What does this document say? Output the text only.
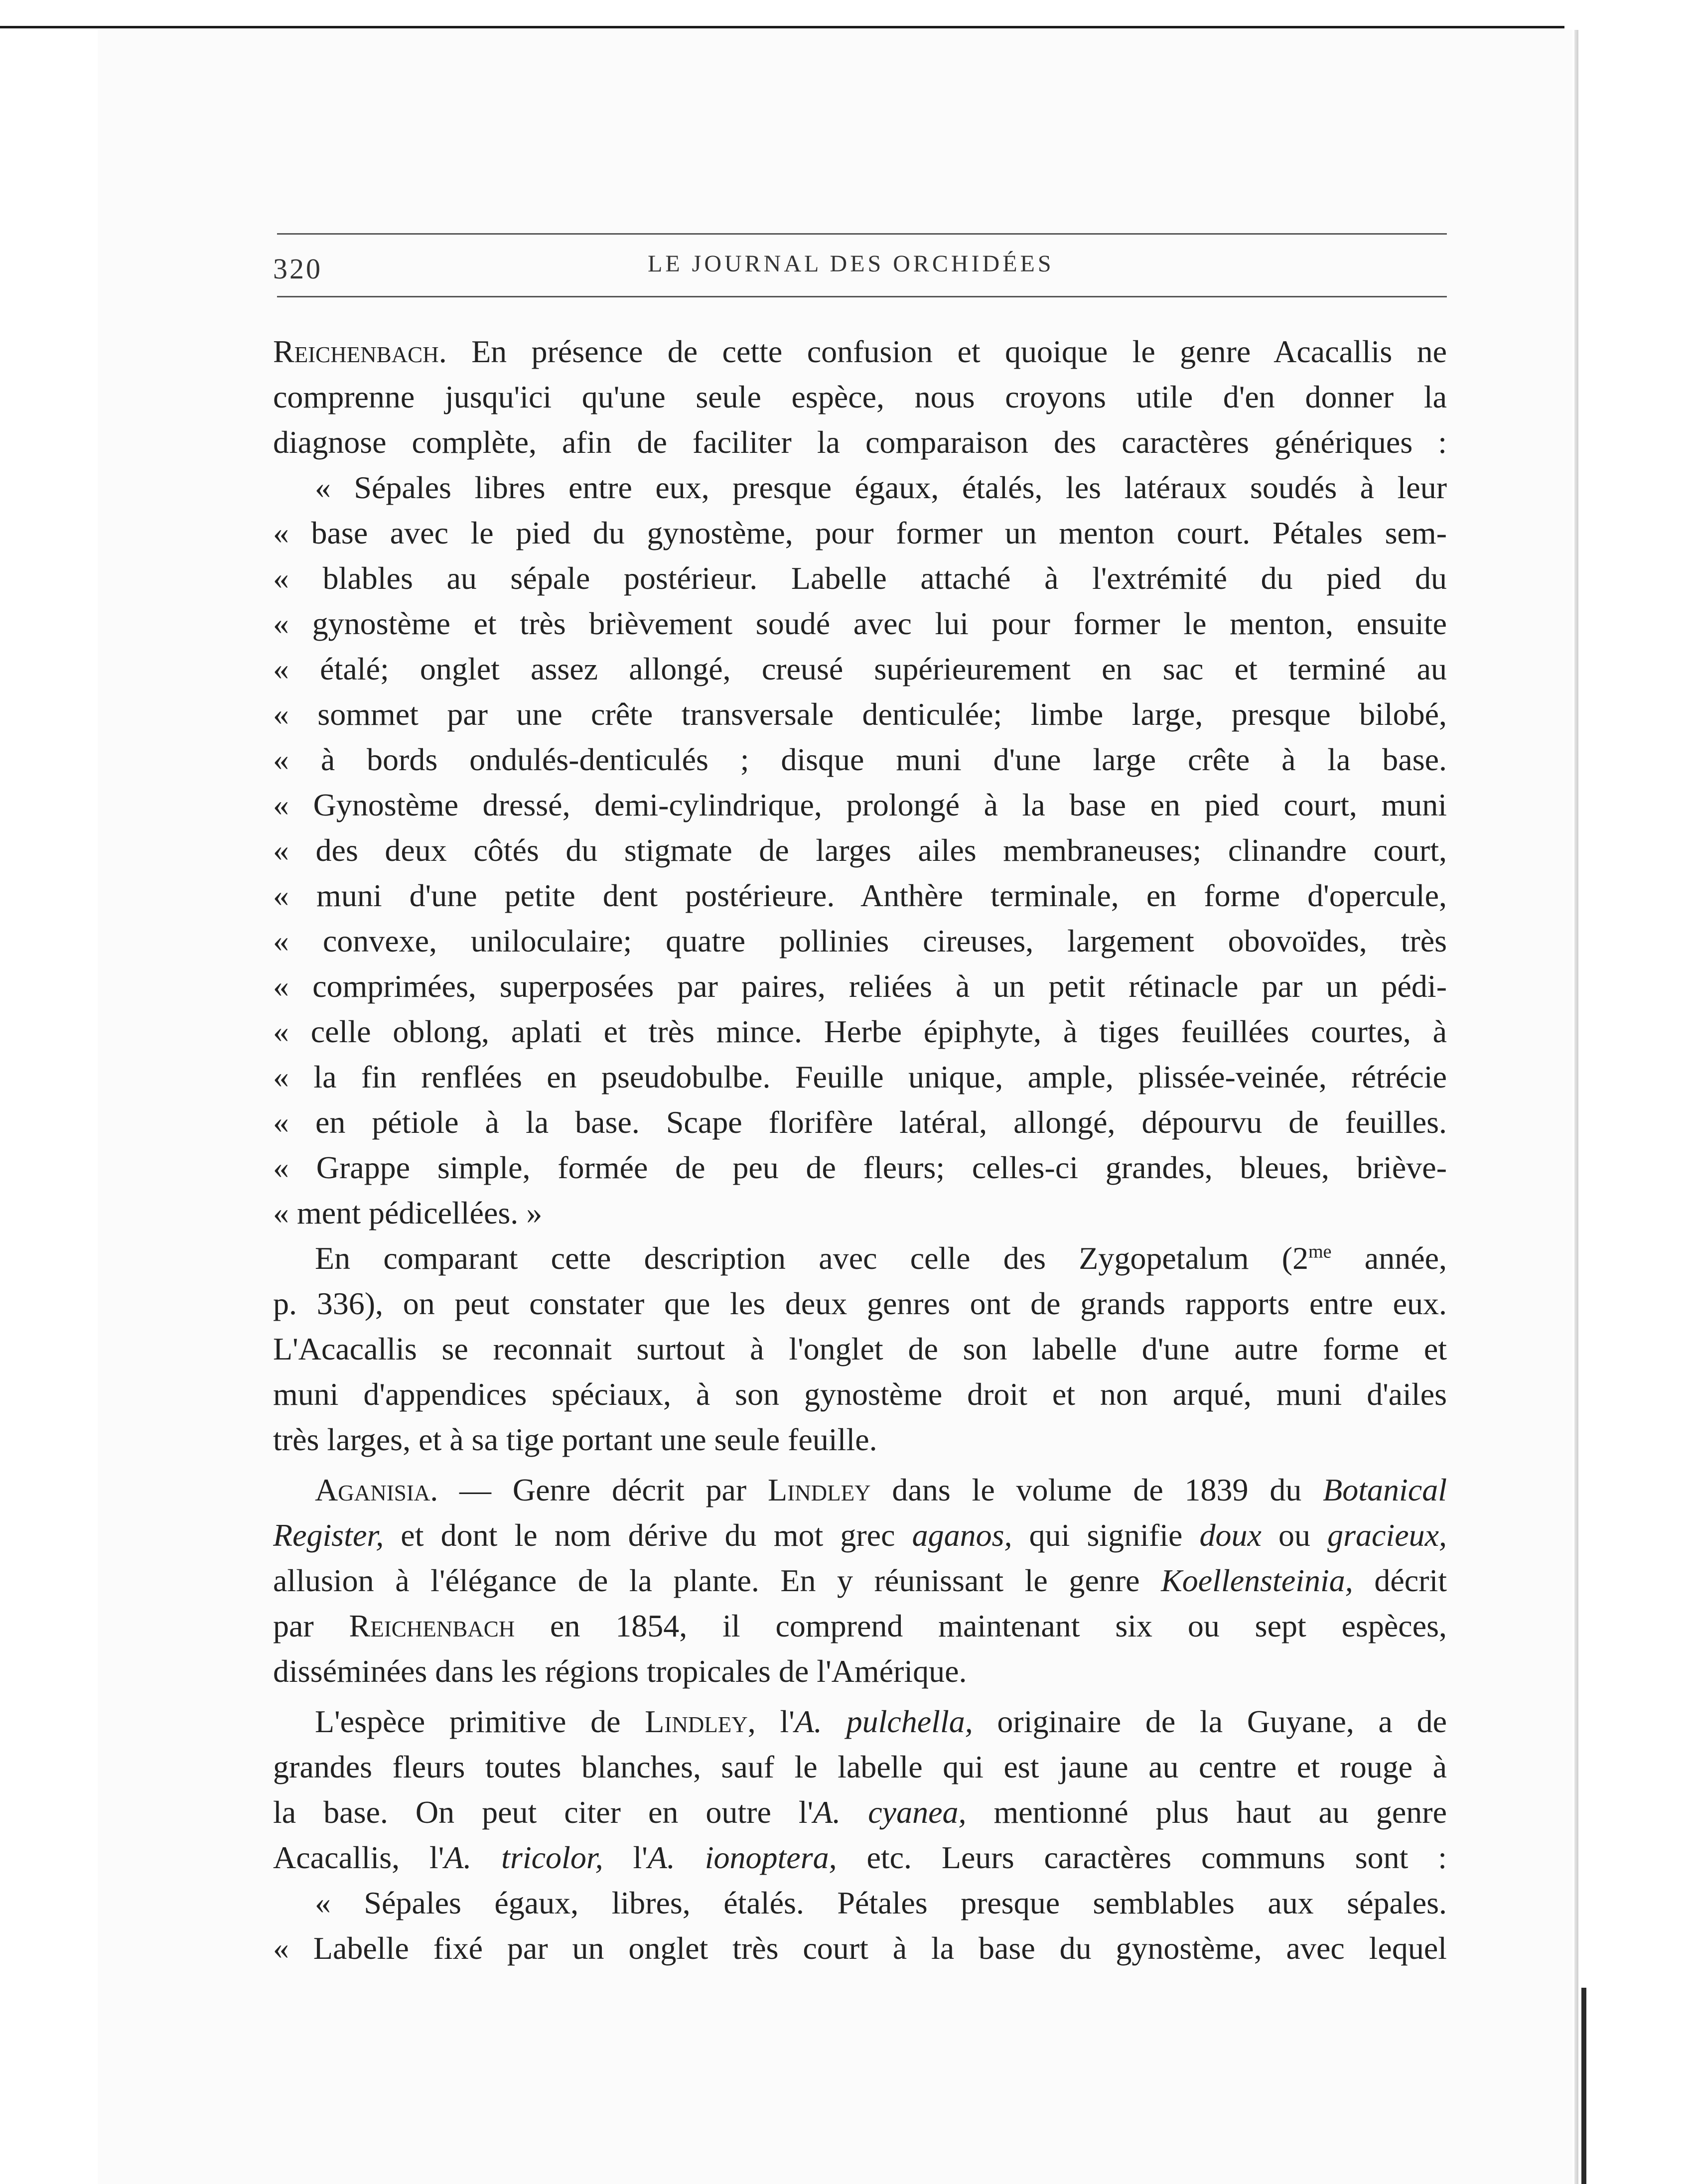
320	LE JOURNAL DES ORCHIDÉES
Reichenbach. En présence de cette confusion et quoique le genre Acacallis ne
comprenne jusqu'ici qu'une seule espèce, nous croyons utile d'en donner la
diagnose complète, afin de faciliter la comparaison des caractères génériques :
« Sépales libres entre eux, presque égaux, étalés, les latéraux soudés à leur
« base avec le pied du gynostème, pour former un menton court. Pétales sem-
« blables au sépale postérieur. Labelle attaché à l'extrémité du pied du
« gynostème et très brièvement soudé avec lui pour former le menton, ensuite
« étalé; onglet assez allongé, creusé supérieurement en sac et terminé au
« sommet par une crête transversale denticulée; limbe large, presque bilobé,
« à bords ondulés-denticulés ; disque muni d'une large crête à la base.
« Gynostème dressé, demi-cylindrique, prolongé à la base en pied court, muni
« des deux côtés du stigmate de larges ailes membraneuses; clinandre court,
« muni d'une petite dent postérieure. Anthère terminale, en forme d'opercule,
« convexe, uniloculaire; quatre pollinies cireuses, largement obovoïdes, très
« comprimées, superposées par paires, reliées à un petit rétinacle par un pédi-
« celle oblong, aplati et très mince. Herbe épiphyte, à tiges feuillées courtes, à
« la fin renflées en pseudobulbe. Feuille unique, ample, plissée-veinée, rétrécie
« en pétiole à la base. Scape florifère latéral, allongé, dépourvu de feuilles.
« Grappe simple, formée de peu de fleurs; celles-ci grandes, bleues, briève-
« ment pédicellées. »
En comparant cette description avec celle des Zygopetalum ($2^{me}$ année,
p. 336), on peut constater que les deux genres ont de grands rapports entre eux.
L'Acacallis se reconnait surtout à l'onglet de son labelle d'une autre forme et
muni d'appendices spéciaux, à son gynostème droit et non arqué, muni d'ailes
très larges, et à sa tige portant une seule feuille.
Aganisia. — Genre décrit par Lindley dans le volume de 1839 du Botanical
Register, et dont le nom dérive du mot grec aganos, qui signifie doux ou gracieux,
allusion à l'élégance de la plante. En y réunissant le genre Koellensteinia, décrit
par Reichenbach en 1854, il comprend maintenant six ou sept espèces,
disséminées dans les régions tropicales de l'Amérique.
L'espèce primitive de Lindley, l'A. pulchella, originaire de la Guyane, a de
grandes fleurs toutes blanches, sauf le labelle qui est jaune au centre et rouge à
la base. On peut citer en outre l'A. cyanea, mentionné plus haut au genre
Acacallis, l'A. tricolor, l'A. ionoptera, etc. Leurs caractères communs sont :
« Sépales égaux, libres, étalés. Pétales presque semblables aux sépales.
« Labelle fixé par un onglet très court à la base du gynostème, avec lequel
